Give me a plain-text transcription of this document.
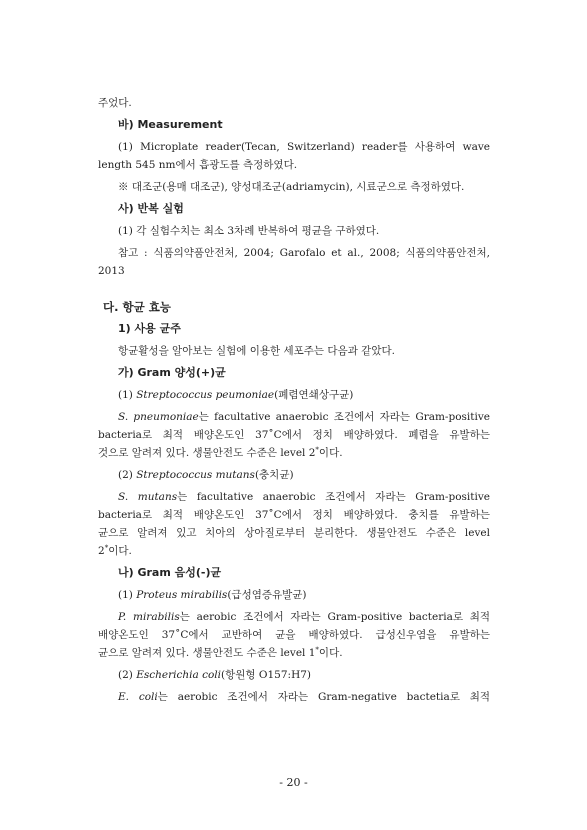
주었다.
바) Measurement
(1) Microplate reader(Tecan, Switzerland) reader를 사용하여 wave
length 545 nm에서 흡광도를 측정하였다.
※ 대조군(용매 대조군), 양성대조군(adriamycin), 시료군으로 측정하였다.
사) 반복 실험
(1) 각 실험수치는 최소 3차례 반복하여 평균을 구하였다.
참고 : 식품의약품안전처, 2004; Garofalo et al., 2008; 식품의약품안전처,
2013
다. 항균 효능
1) 사용 균주
항균활성을 알아보는 실험에 이용한 세포주는 다음과 같았다.
가) Gram 양성(+)균
(1) Streptococcus peumoniae(폐렴연쇄상구균)
S. pneumoniae는 facultative anaerobic 조건에서 자라는 Gram-positive
bacteria로 최적 배양온도인 37˚C에서 정치 배양하였다. 폐렴을 유발하는
것으로 알려져 있다. 생물안전도 수준은 level 2*이다.
(2) Streptococcus mutans(충치균)
S. mutans는 facultative anaerobic 조건에서 자라는 Gram-positive
bacteria로 최적 배양온도인 37˚C에서 정치 배양하였다. 충치를 유발하는
균으로 알려져 있고 치아의 상아질로부터 분리한다. 생물안전도 수준은 level
2*이다.
나) Gram 음성(-)균
(1) Proteus mirabilis(급성염증유발균)
P. mirabilis는 aerobic 조건에서 자라는 Gram-positive bacteria로 최적
배양온도인 37˚C에서 교반하여 균을 배양하였다. 급성신우염을 유발하는
균으로 알려져 있다. 생물안전도 수준은 level 1*이다.
(2) Escherichia coli(항원형 O157:H7)
E. coli는 aerobic 조건에서 자라는 Gram-negative bactetia로 최적
- 20 -
